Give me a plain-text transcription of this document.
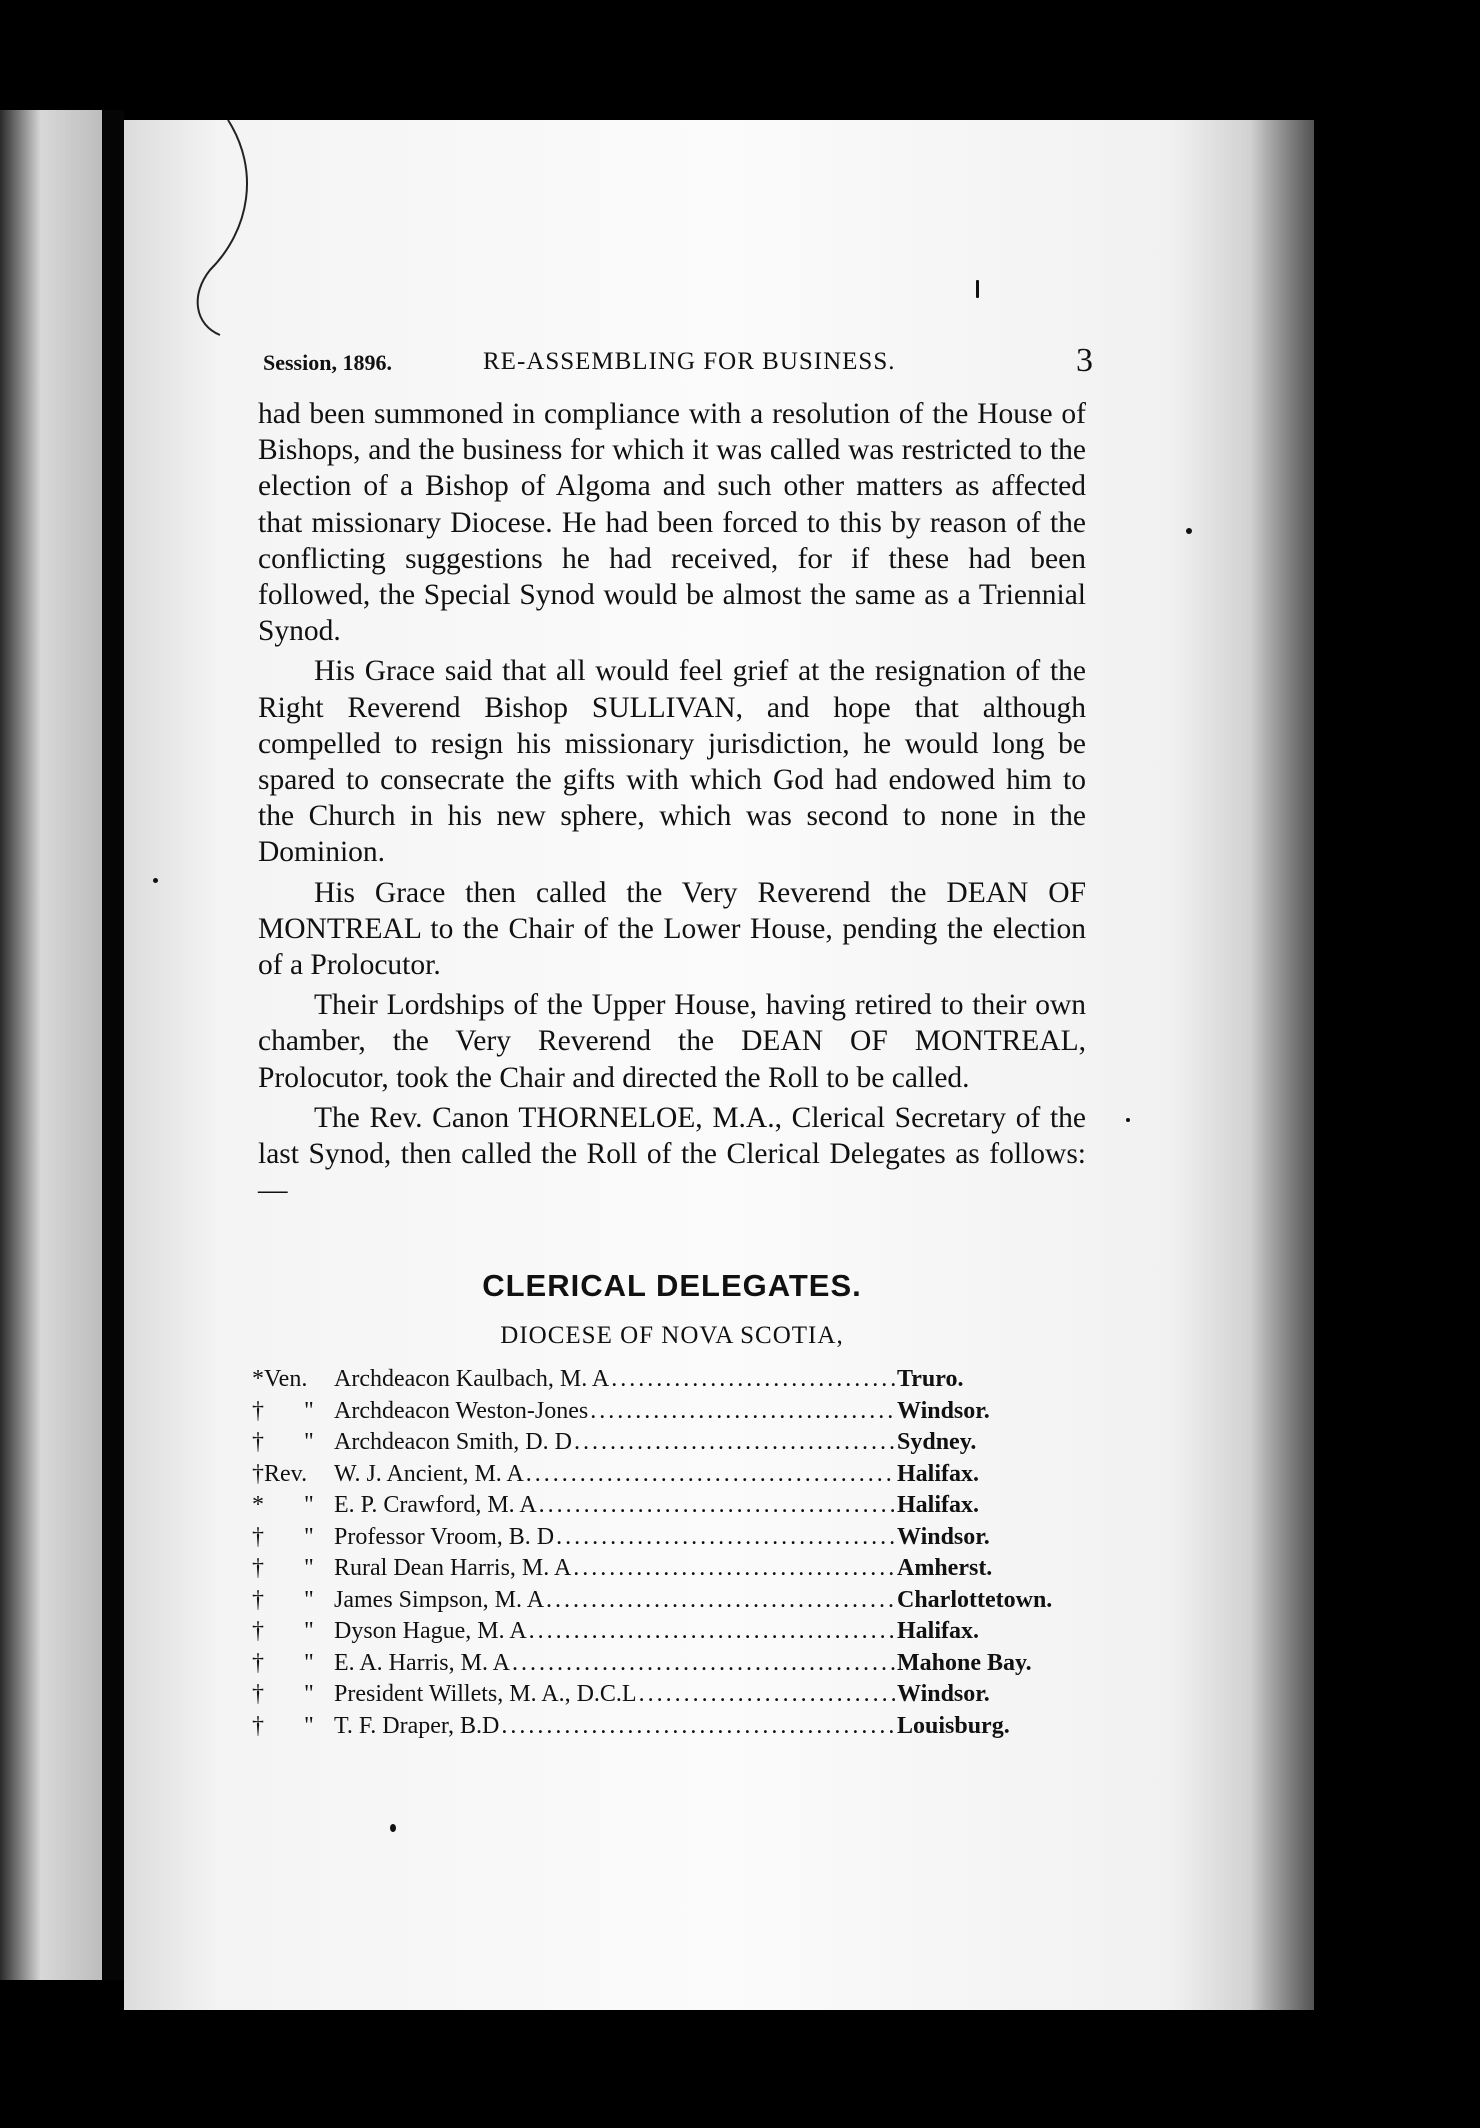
Session, 1896.	RE-ASSEMBLING FOR BUSINESS.	3

had been summoned in compliance with a resolution of the House of Bishops, and the business for which it was called was restricted to the election of a Bishop of Algoma and such other matters as affected that missionary Diocese. He had been forced to this by reason of the conflicting suggestions he had received, for if these had been followed, the Special Synod would be almost the same as a Triennial Synod.

His Grace said that all would feel grief at the resignation of the Right Reverend Bishop SULLIVAN, and hope that although compelled to resign his missionary jurisdiction, he would long be spared to consecrate the gifts with which God had endowed him to the Church in his new sphere, which was second to none in the Dominion.

His Grace then called the Very Reverend the DEAN OF MONTREAL to the Chair of the Lower House, pending the election of a Prolocutor.

Their Lordships of the Upper House, having retired to their own chamber, the Very Reverend the DEAN OF MONTREAL, Prolocutor, took the Chair and directed the Roll to be called.

The Rev. Canon THORNELOE, M.A., Clerical Secretary of the last Synod, then called the Roll of the Clerical Delegates as follows:—

CLERICAL DELEGATES.
DIOCESE OF NOVA SCOTIA,
*Ven. Archdeacon Kaulbach, M. A .....	Truro.
†	" Archdeacon Weston-Jones .....	Windsor.
†	" Archdeacon Smith, D. D .....	Sydney.
†Rev. W. J. Ancient, M. A .....	Halifax.
*	" E. P. Crawford, M. A .....	Halifax.
†	" Professor Vroom, B. D .....	Windsor.
†	" Rural Dean Harris, M. A .....	Amherst.
†	" James Simpson, M. A .....	Charlottetown.
†	" Dyson Hague, M. A .....	Halifax.
†	" E. A. Harris, M. A .....	Mahone Bay.
†	" President Willets, M. A., D.C.L .....	Windsor.
†	" T. F. Draper, B.D .....	Louisburg.
